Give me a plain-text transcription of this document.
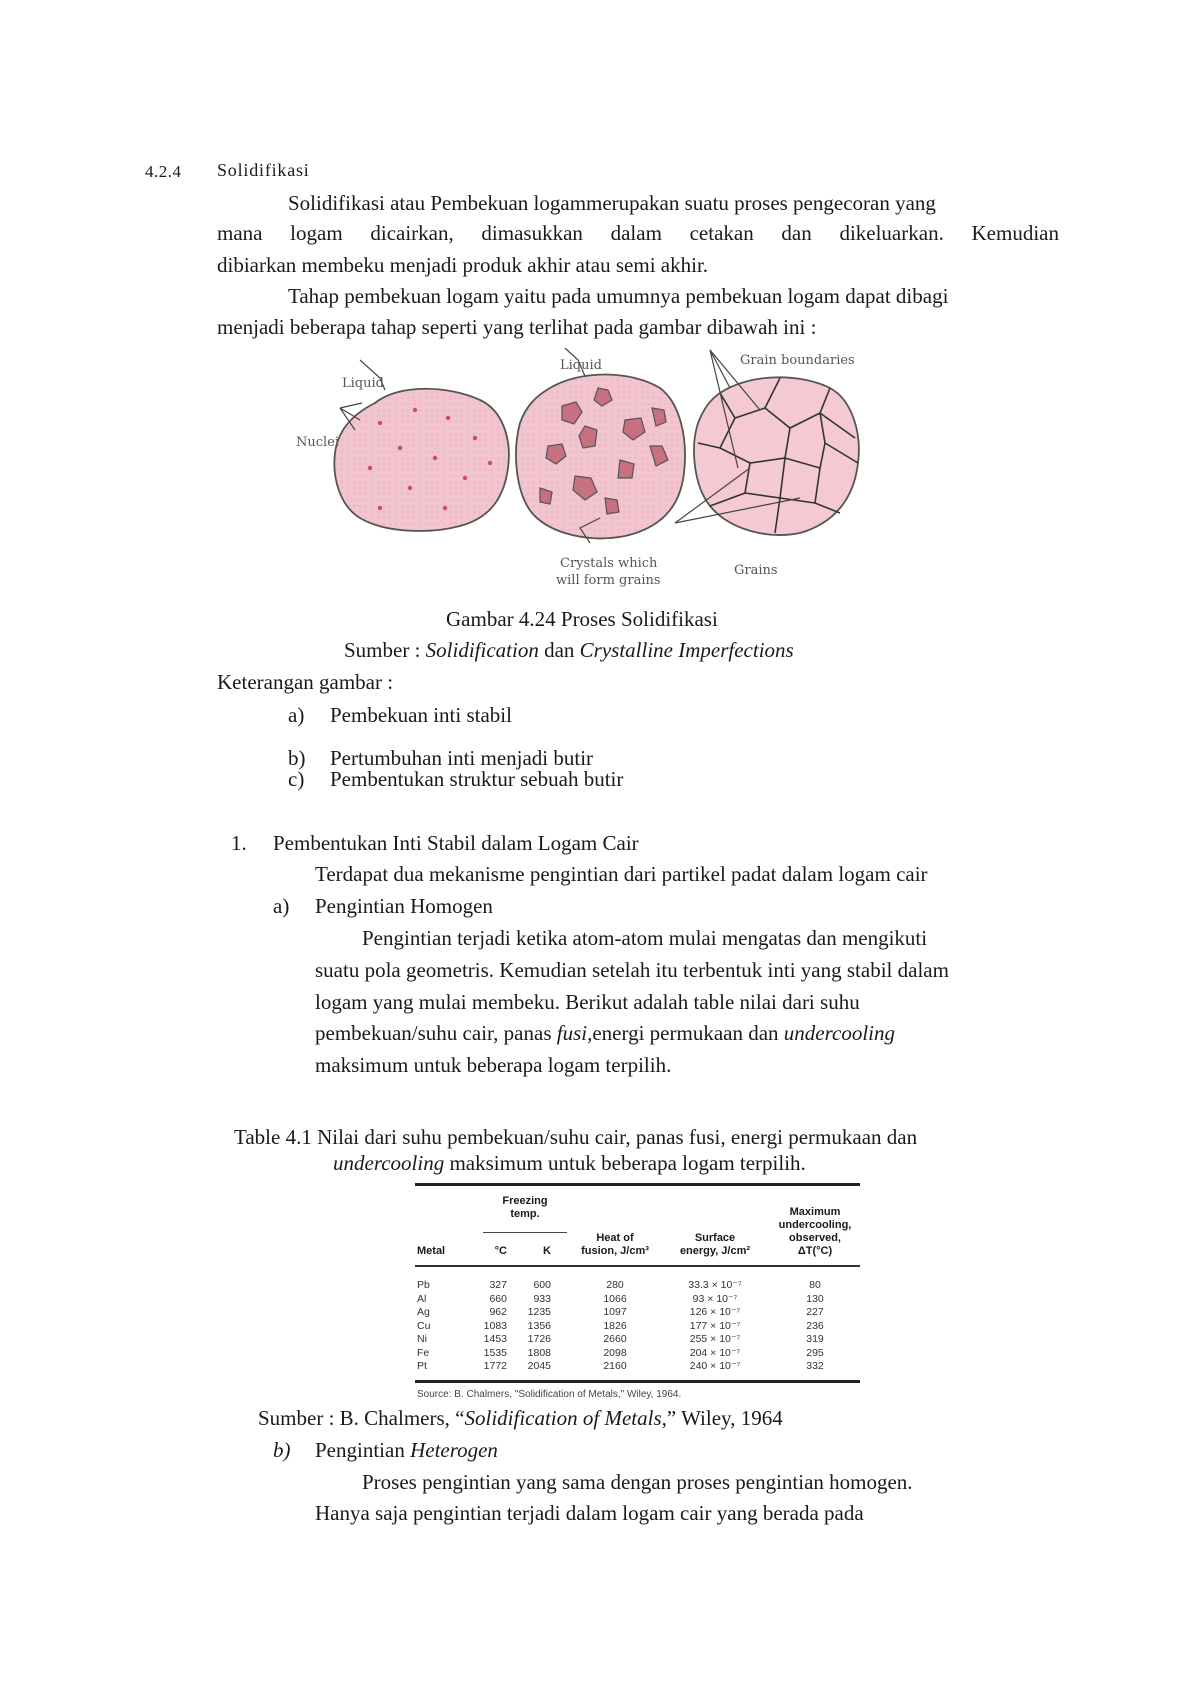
4.2.4 Solidifikasi
Solidifikasi atau Pembekuan logammerupakan suatu proses pengecoran yang
mana logam dicairkan, dimasukkan dalam cetakan dan dikeluarkan. Kemudian
dibiarkan membeku menjadi produk akhir atau semi akhir.
Tahap pembekuan logam yaitu pada umumnya pembekuan logam dapat dibagi
menjadi beberapa tahap seperti yang terlihat pada gambar dibawah ini :
Liquid
Nuclei
Liquid	Grain boundaries
Crystals which
will form grains
Grains
Gambar 4.24 Proses Solidifikasi
Sumber : Solidification dan Crystalline Imperfections
Keterangan gambar :
a) Pembekuan inti stabil
b) Pertumbuhan inti menjadi butir
c) Pembentukan struktur sebuah butir
1. Pembentukan Inti Stabil dalam Logam Cair
Terdapat dua mekanisme pengintian dari partikel padat dalam logam cair
a) Pengintian Homogen
Pengintian terjadi ketika atom-atom mulai mengatas dan mengikuti
suatu pola geometris. Kemudian setelah itu terbentuk inti yang stabil dalam
logam yang mulai membeku. Berikut adalah table nilai dari suhu
pembekuan/suhu cair, panas fusi,energi permukaan dan undercooling
maksimum untuk beberapa logam terpilih.
Table 4.1 Nilai dari suhu pembekuan/suhu cair, panas fusi, energi permukaan dan
undercooling maksimum untuk beberapa logam terpilih.
Freezing
temp.
Metal	°C	K
Heat of
fusion, J/cm³
Surface
energy, J/cm²
Maximum
undercooling,
observed,
ΔT(°C)
Pb	327	600	280	33.3 × 10⁻⁷	80
Al	660	933	1066	93 × 10⁻⁷	130
Ag	962	1235	1097	126 × 10⁻⁷	227
Cu	1083	1356	1826	177 × 10⁻⁷	236
Ni	1453	1726	2660	255 × 10⁻⁷	319
Fe	1535	1808	2098	204 × 10⁻⁷	295
Pt	1772	2045	2160	240 × 10⁻⁷	332
Source: B. Chalmers, "Solidification of Metals," Wiley, 1964.
Sumber : B. Chalmers, “Solidification of Metals,” Wiley, 1964
b) Pengintian Heterogen
Proses pengintian yang sama dengan proses pengintian homogen.
Hanya saja pengintian terjadi dalam logam cair yang berada pada
